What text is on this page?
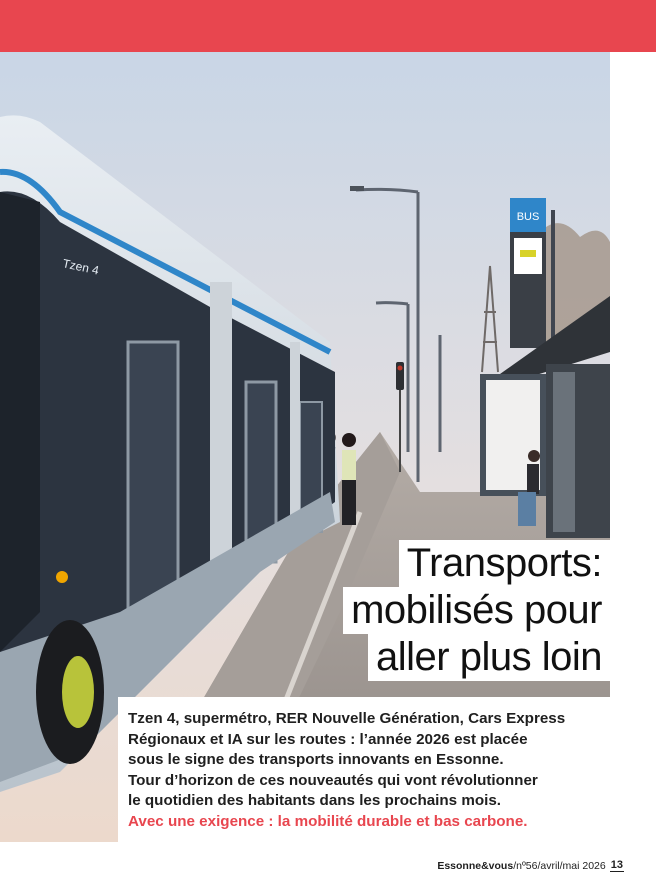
BUS
Tzen 4
Transports:
mobilisés pour
aller plus loin

Tzen 4, supermétro, RER Nouvelle Génération, Cars Express
Régionaux et IA sur les routes : l’année 2026 est placée
sous le signe des transports innovants en Essonne.
Tour d’horizon de ces nouveautés qui vont révolutionner
le quotidien des habitants dans les prochains mois.
Avec une exigence : la mobilité durable et bas carbone.

Essonne&vous /nº56/avril/mai 2026 13
